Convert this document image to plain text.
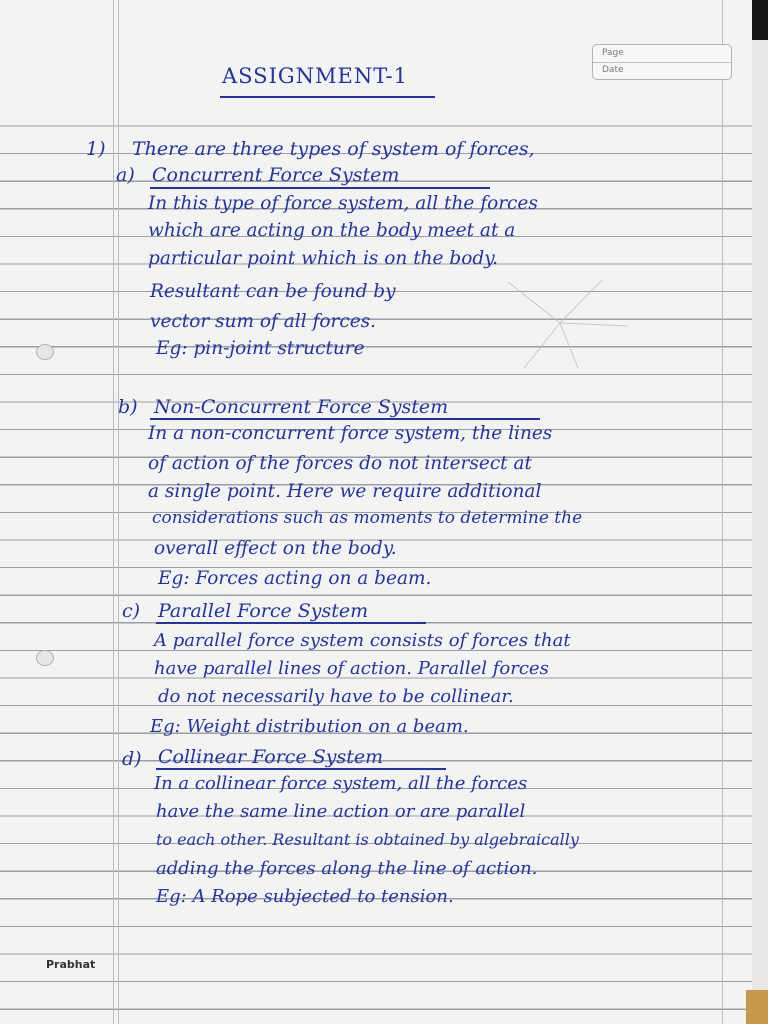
Page
Date
ASSIGNMENT-1
1) There are three types of system of forces,
a) Concurrent Force System
In this type of force system, all the forces
which are acting on the body meet at a
particular point which is on the body.
Resultant can be found by
vector sum of all forces.
Eg: pin-joint structure
b) Non-Concurrent Force System
In a non-concurrent force system, the lines
of action of the forces do not intersect at
a single point. Here we require additional
considerations such as moments to determine the
overall effect on the body.
Eg: Forces acting on a beam.
c) Parallel Force System
A parallel force system consists of forces that
have parallel lines of action. Parallel forces
do not necessarily have to be collinear.
Eg: Weight distribution on a beam.
d) Collinear Force System
In a collinear force system, all the forces
have the same line action or are parallel
to each other. Resultant is obtained by algebraically
adding the forces along the line of action.
Eg: A Rope subjected to tension.
Prabhat
